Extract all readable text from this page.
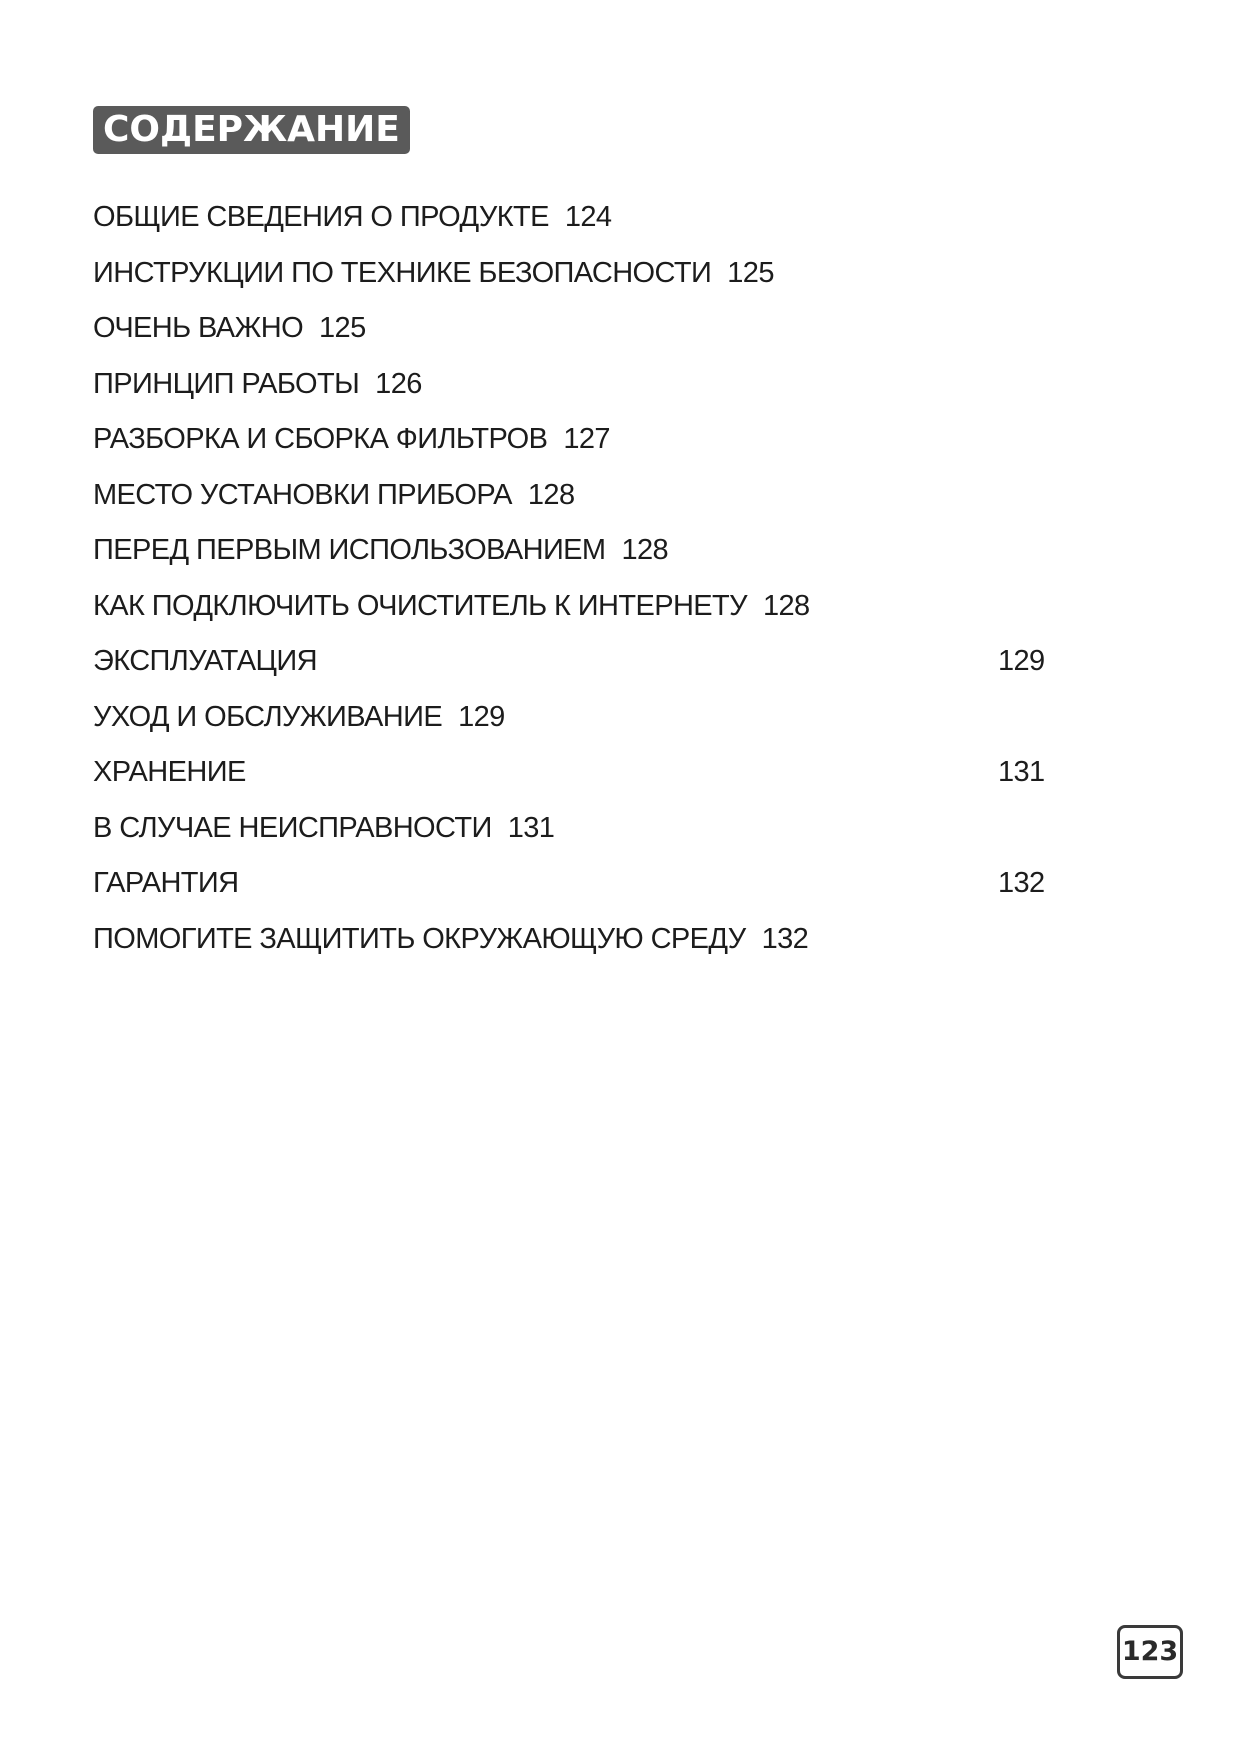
СОДЕРЖАНИЕ
ОБЩИЕ СВЕДЕНИЯ О ПРОДУКТЕ 124
ИНСТРУКЦИИ ПО ТЕХНИКЕ БЕЗОПАСНОСТИ 125
ОЧЕНЬ ВАЖНО 125
ПРИНЦИП РАБОТЫ 126
РАЗБОРКА И СБОРКА ФИЛЬТРОВ 127
МЕСТО УСТАНОВКИ ПРИБОРА 128
ПЕРЕД ПЕРВЫМ ИСПОЛЬЗОВАНИЕМ 128
КАК ПОДКЛЮЧИТЬ ОЧИСТИТЕЛЬ К ИНТЕРНЕТУ 128
ЭКСПЛУАТАЦИЯ	129
УХОД И ОБСЛУЖИВАНИЕ 129
ХРАНЕНИЕ	131
В СЛУЧАЕ НЕИСПРАВНОСТИ 131
ГАРАНТИЯ	132
ПОМОГИТЕ ЗАЩИТИТЬ ОКРУЖАЮЩУЮ СРЕДУ 132
123
